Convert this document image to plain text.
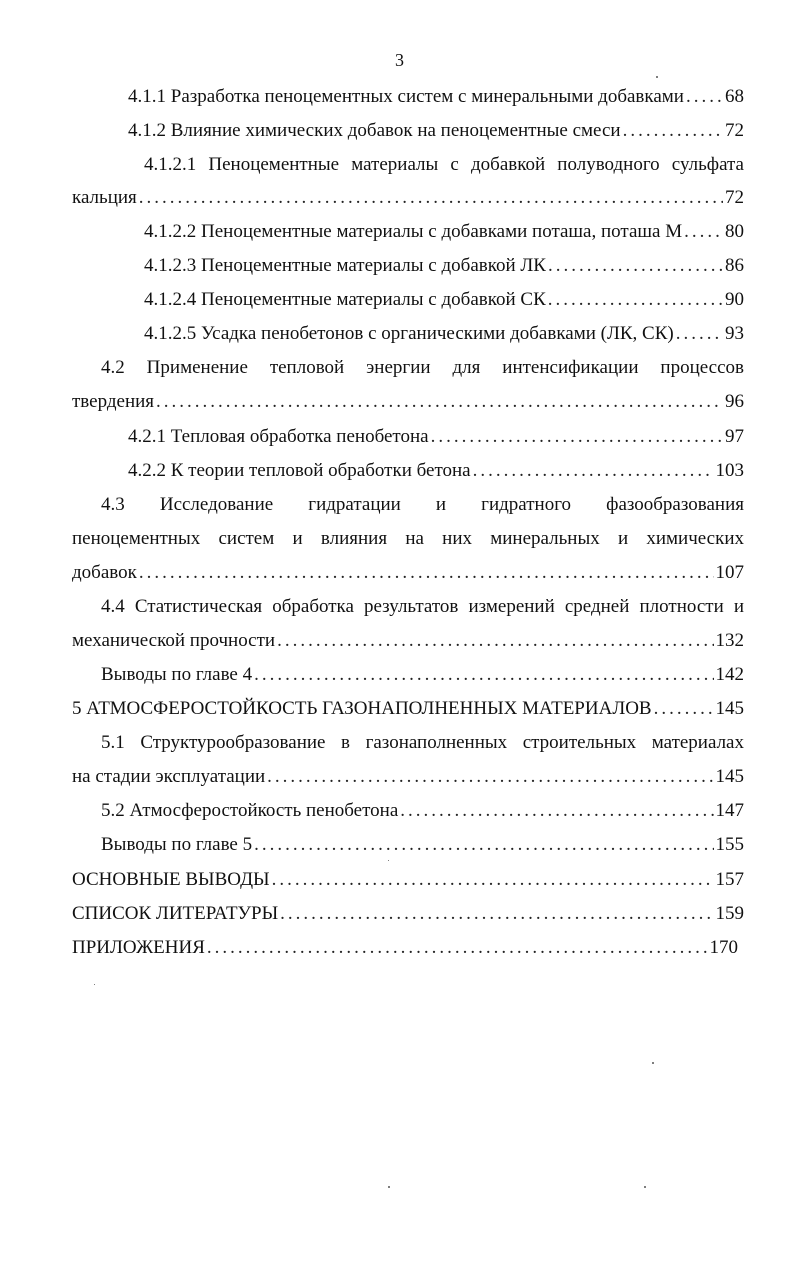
3
4.1.1 Разработка пеноцементных систем с минеральными добавками ..... 68
4.1.2 Влияние химических добавок на пеноцементные смеси .....	72
4.1.2.1 Пеноцементные материалы с добавкой полуводного сульфата
кальция .....	72
4.1.2.2 Пеноцементные материалы с добавками поташа, поташа М ..... 80
4.1.2.3 Пеноцементные материалы с добавкой ЛК .....	86
4.1.2.4 Пеноцементные материалы с добавкой СК .....	90
4.1.2.5 Усадка пенобетонов с органическими добавками (ЛК, СК) .....	93
4.2 Применение тепловой энергии для интенсификации процессов
твердения .....	96
4.2.1 Тепловая обработка пенобетона .....	97
4.2.2 К теории тепловой обработки бетона .....	103
4.3 Исследование гидратации и гидратного фазообразования
пеноцементных систем и влияния на них минеральных и химических
добавок .....	107
4.4 Статистическая обработка результатов измерений средней плотности и
механической прочности .....	132
Выводы по главе 4 .....	142
5 АТМОСФЕРОСТОЙКОСТЬ ГАЗОНАПОЛНЕННЫХ МАТЕРИАЛОВ .....	145
5.1 Структурообразование в газонаполненных строительных материалах
на стадии эксплуатации .....	145
5.2 Атмосферостойкость пенобетона .....	147
Выводы по главе 5 .....	155
ОСНОВНЫЕ ВЫВОДЫ .....	157
СПИСОК ЛИТЕРАТУРЫ .....	159
ПРИЛОЖЕНИЯ .....	170
